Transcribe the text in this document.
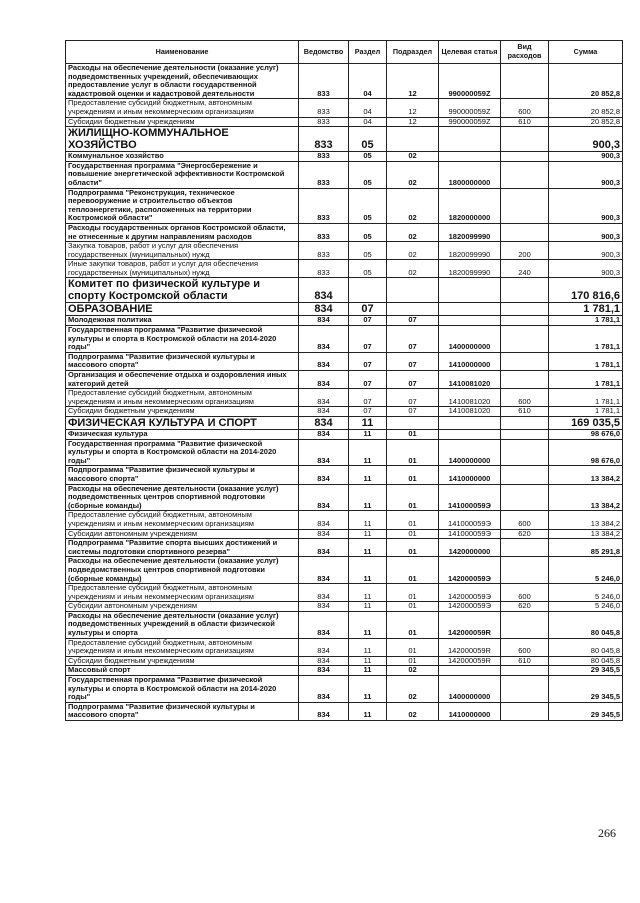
Наименование	Ведомство	Раздел	Подраздел	Целевая статья	Вид расходов	Сумма
Расходы на обеспечение деятельности (оказание услуг) подведомственных учреждений, обеспечивающих предоставление услуг в области государственной кадастровой оценки и кадастровой деятельности	833	04	12	990000059Z		20 852,8
Предоставление субсидий бюджетным, автономным учреждениям и иным некоммерческим организациям	833	04	12	990000059Z	600	20 852,8
Субсидии бюджетным учреждениям	833	04	12	990000059Z	610	20 852,8
ЖИЛИЩНО-КОММУНАЛЬНОЕ ХОЗЯЙСТВО	833	05				900,3
Коммунальное хозяйство	833	05	02			900,3
Государственная программа "Энергосбережение и повышение энергетической эффективности Костромской области"	833	05	02	1800000000		900,3
Подпрограмма "Реконструкция, техническое перевооружение и строительство объектов теплоэнергетики, расположенных на территории Костромской области"	833	05	02	1820000000		900,3
Расходы государственных органов Костромской области, не отнесенные к другим направлениям расходов	833	05	02	1820099990		900,3
Закупка товаров, работ и услуг для обеспечения государственных (муниципальных) нужд	833	05	02	1820099990	200	900,3
Иные закупки товаров, работ и услуг для обеспечения государственных (муниципальных) нужд	833	05	02	1820099990	240	900,3
Комитет по физической культуре и спорту Костромской области	834					170 816,6
ОБРАЗОВАНИЕ	834	07				1 781,1
Молодежная политика	834	07	07			1 781,1
Государственная программа "Развитие физической культуры и спорта в Костромской области на 2014-2020 годы"	834	07	07	1400000000		1 781,1
Подпрограмма "Развитие физической культуры и массового спорта"	834	07	07	1410000000		1 781,1
Организация и обеспечение отдыха и оздоровления иных категорий детей	834	07	07	1410081020		1 781,1
Предоставление субсидий бюджетным, автономным учреждениям и иным некоммерческим организациям	834	07	07	1410081020	600	1 781,1
Субсидии бюджетным учреждениям	834	07	07	1410081020	610	1 781,1
ФИЗИЧЕСКАЯ КУЛЬТУРА И СПОРТ	834	11				169 035,5
Физическая культура	834	11	01			98 676,0
Государственная программа "Развитие физической культуры и спорта в Костромской области на 2014-2020 годы"	834	11	01	1400000000		98 676,0
Подпрограмма "Развитие физической культуры и массового спорта"	834	11	01	1410000000		13 384,2
Расходы на обеспечение деятельности (оказание услуг) подведомственных центров спортивной подготовки (сборные команды)	834	11	01	141000059Э		13 384,2
Предоставление субсидий бюджетным, автономным учреждениям и иным некоммерческим организациям	834	11	01	141000059Э	600	13 384,2
Субсидии автономным учреждениям	834	11	01	141000059Э	620	13 384,2
Подпрограмма "Развитие спорта высших достижений и системы подготовки спортивного резерва"	834	11	01	1420000000		85 291,8
Расходы на обеспечение деятельности (оказание услуг) подведомственных центров спортивной подготовки (сборные команды)	834	11	01	142000059Э		5 246,0
Предоставление субсидий бюджетным, автономным учреждениям и иным некоммерческим организациям	834	11	01	142000059Э	600	5 246,0
Субсидии автономным учреждениям	834	11	01	142000059Э	620	5 246,0
Расходы на обеспечение деятельности (оказание услуг) подведомственных учреждений в области физической культуры и спорта	834	11	01	142000059R		80 045,8
Предоставление субсидий бюджетным, автономным учреждениям и иным некоммерческим организациям	834	11	01	142000059R	600	80 045,8
Субсидии бюджетным учреждениям	834	11	01	142000059R	610	80 045,8
Массовый спорт	834	11	02			29 345,5
Государственная программа "Развитие физической культуры и спорта в Костромской области на 2014-2020 годы"	834	11	02	1400000000		29 345,5
Подпрограмма "Развитие физической культуры и массового спорта"	834	11	02	1410000000		29 345,5
266
